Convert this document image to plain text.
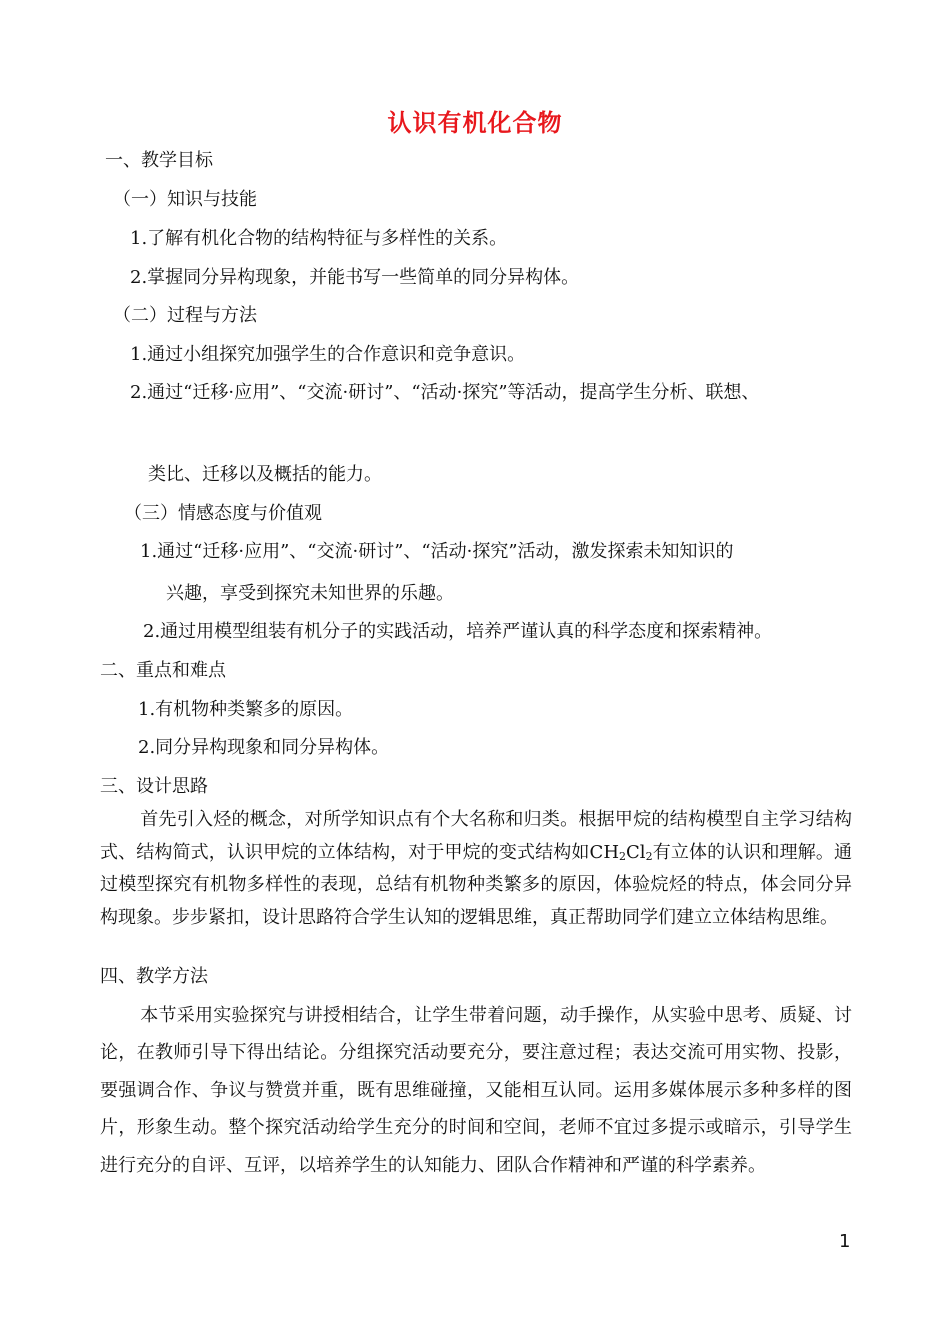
认识有机化合物
一、教学目标
（一）知识与技能
1.了解有机化合物的结构特征与多样性的关系。
2.掌握同分异构现象，并能书写一些简单的同分异构体。
（二）过程与方法
1.通过小组探究加强学生的合作意识和竞争意识。
2.通过“迁移·应用”、“交流·研讨”、“活动·探究”等活动，提高学生分析、联想、
类比、迁移以及概括的能力。
（三）情感态度与价值观
1.通过“迁移·应用”、“交流·研讨”、“活动·探究”活动，激发探索未知知识的
兴趣，享受到探究未知世界的乐趣。
2.通过用模型组装有机分子的实践活动，培养严谨认真的科学态度和探索精神。
二、重点和难点
1.有机物种类繁多的原因。
2.同分异构现象和同分异构体。
三、设计思路
首先引入烃的概念，对所学知识点有个大名称和归类。根据甲烷的结构模型自主学习结构式、结构简式，认识甲烷的立体结构，对于甲烷的变式结构如$CH_2Cl_2$有立体的认识和理解。通过模型探究有机物多样性的表现，总结有机物种类繁多的原因，体验烷烃的特点，体会同分异构现象。步步紧扣，设计思路符合学生认知的逻辑思维，真正帮助同学们建立立体结构思维。
四、教学方法
本节采用实验探究与讲授相结合，让学生带着问题，动手操作，从实验中思考、质疑、讨论，在教师引导下得出结论。分组探究活动要充分，要注意过程；表达交流可用实物、投影，要强调合作、争议与赞赏并重，既有思维碰撞，又能相互认同。运用多媒体展示多种多样的图片，形象生动。整个探究活动给学生充分的时间和空间，老师不宜过多提示或暗示，引导学生进行充分的自评、互评，以培养学生的认知能力、团队合作精神和严谨的科学素养。
1
